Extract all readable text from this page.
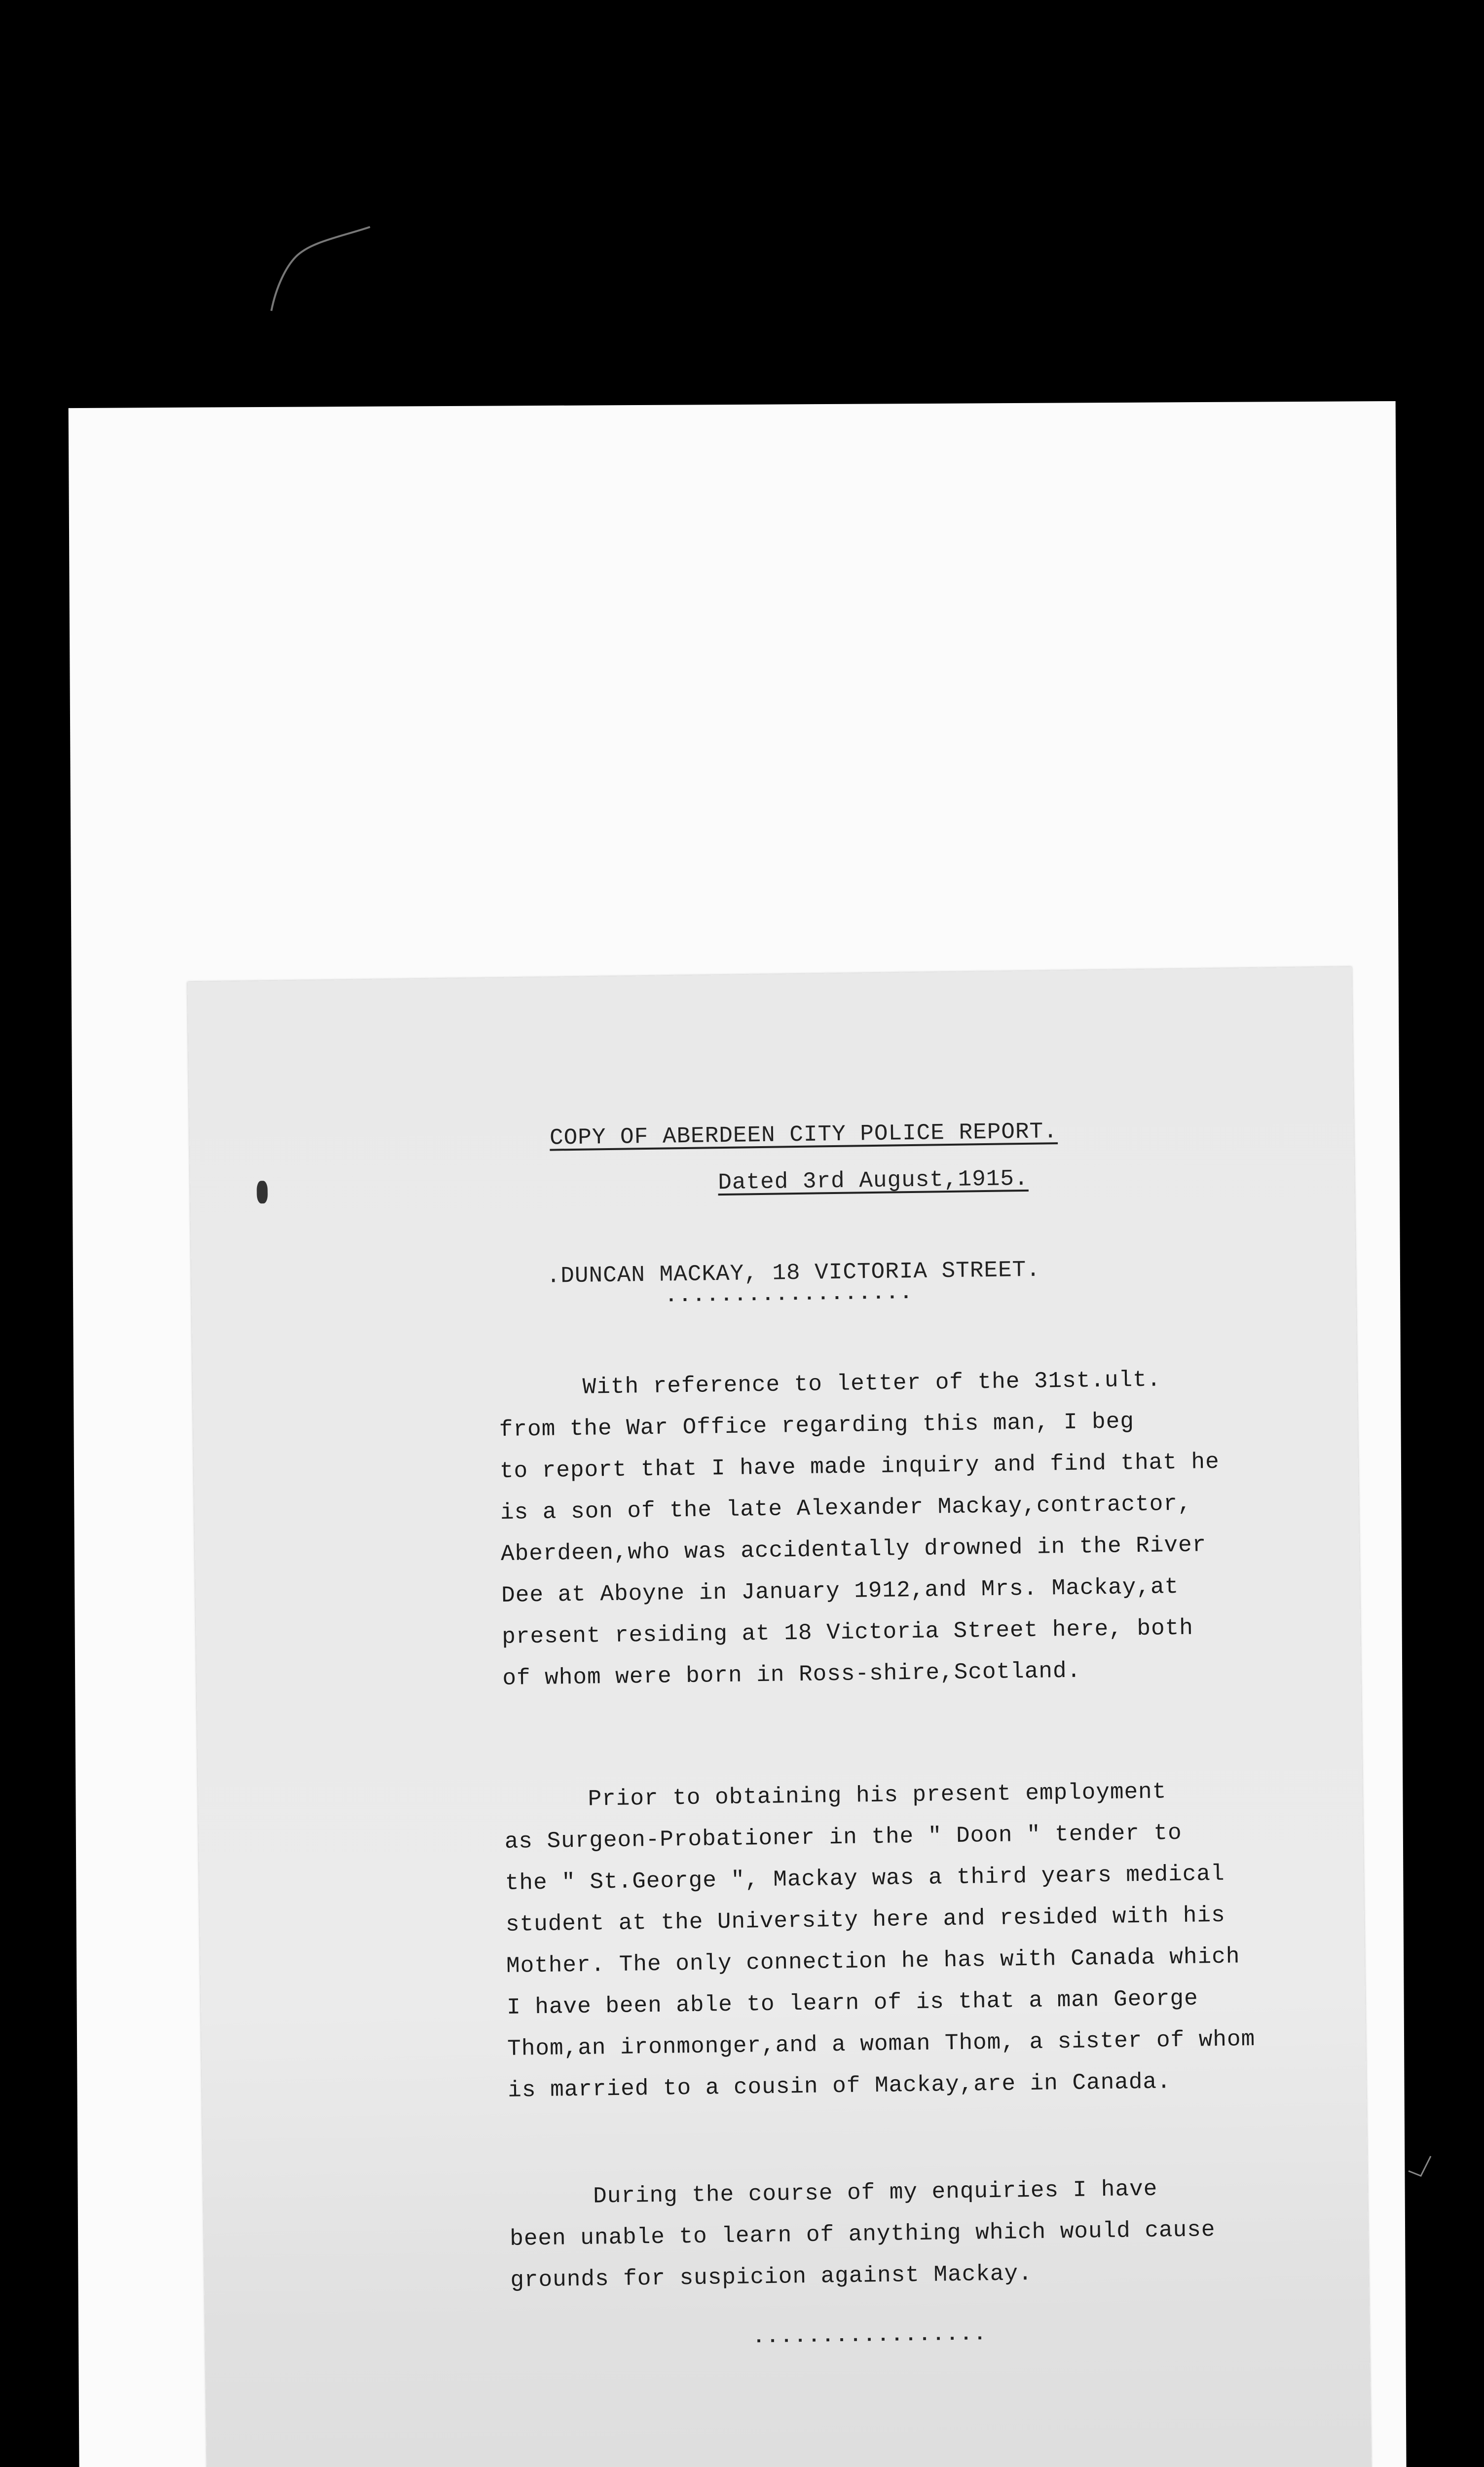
COPY OF ABERDEEN CITY POLICE REPORT.
Dated 3rd August,1915.
.DUNCAN MACKAY, 18 VICTORIA STREET.
..................
With reference to letter of the 31st.ult.
from the War Office regarding this man, I beg
to report that I have made inquiry and find that he
is a son of the late Alexander Mackay,contractor,
Aberdeen,who was accidentally drowned in the River
Dee at Aboyne in January 1912,and Mrs. Mackay,at
present residing at 18 Victoria Street here, both
of whom were born in Ross-shire,Scotland.
Prior to obtaining his present employment
as Surgeon-Probationer in the " Doon " tender to
the " St.George ", Mackay was a third years medical
student at the University here and resided with his
Mother. The only connection he has with Canada which
I have been able to learn of is that a man George
Thom,an ironmonger,and a woman Thom, a sister of whom
is married to a cousin of Mackay,are in Canada.
During the course of my enquiries I have
been unable to learn of anything which would cause
grounds for suspicion against Mackay.
.................
